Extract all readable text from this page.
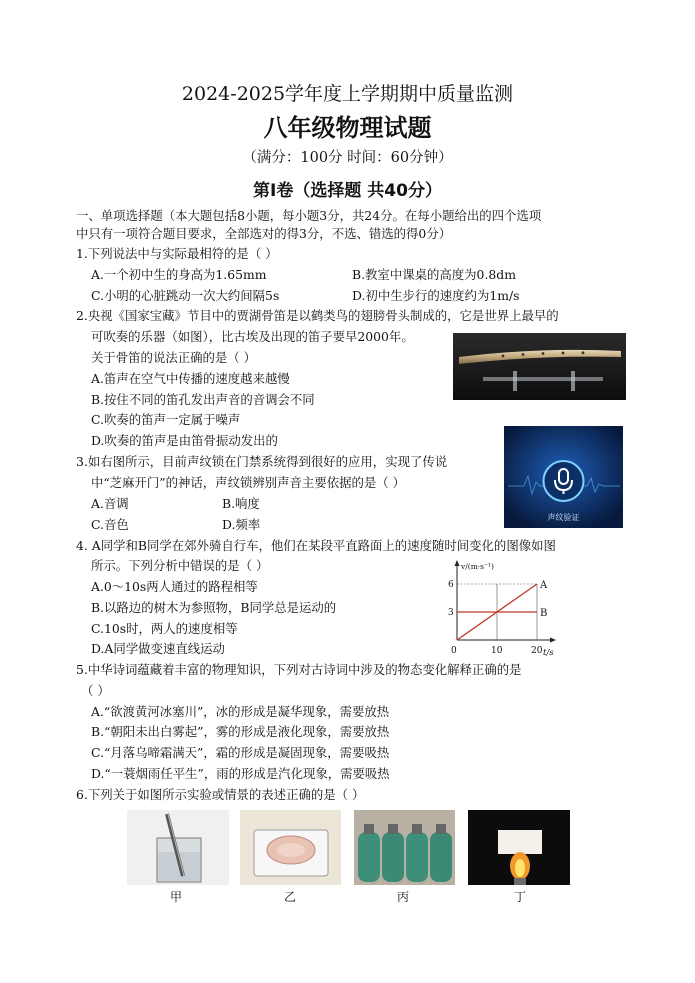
2024-2025学年度上学期期中质量监测
八年级物理试题
（满分：100分 时间：60分钟）
第I卷（选择题 共40分）
一、单项选择题（本大题包括8小题，每小题3分，共24分。在每小题给出的四个选项
中只有一项符合题目要求，全部选对的得3分，不选、错选的得0分）
1.下列说法中与实际最相符的是（ ）
A.一个初中生的身高为1.65mm	B.教室中课桌的高度为0.8dm
C.小明的心脏跳动一次大约间隔5s	D.初中生步行的速度约为1m/s
2.央视《国家宝藏》节目中的贾湖骨笛是以鹤类鸟的翅膀骨头制成的，它是世界上最早的
可吹奏的乐器（如图），比古埃及出现的笛子要早2000年。
关于骨笛的说法正确的是（ ）
A.笛声在空气中传播的速度越来越慢
B.按住不同的笛孔发出声音的音调会不同
C.吹奏的笛声一定属于噪声
D.吹奏的笛声是由笛骨振动发出的
3.如右图所示，目前声纹锁在门禁系统得到很好的应用，实现了传说
中“芝麻开门”的神话，声纹锁辨别声音主要依据的是（ ）
A.音调	B.响度
C.音色	D.频率	声纹验证
4. A同学和B同学在郊外骑自行车，他们在某段平直路面上的速度随时间变化的图像如图
所示。下列分析中错误的是（ ）
A.0～10s两人通过的路程相等
B.以路边的树木为参照物，B同学总是运动的
C.10s时，两人的速度相等
D.A同学做变速直线运动
v/(m·s⁻¹)
t/s
0
3
6
10	20
A
B
5.中华诗词蕴藏着丰富的物理知识，下列对古诗词中涉及的物态变化解释正确的是
（ ）
A.“欲渡黄河冰塞川”，冰的形成是凝华现象，需要放热
B.“朝阳未出白雾起”，雾的形成是液化现象，需要放热
C.“月落乌啼霜满天”，霜的形成是凝固现象，需要吸热
D.“一蓑烟雨任平生”，雨的形成是汽化现象，需要吸热
6.下列关于如图所示实验或情景的表述正确的是（ ）
甲	乙	丙	丁
